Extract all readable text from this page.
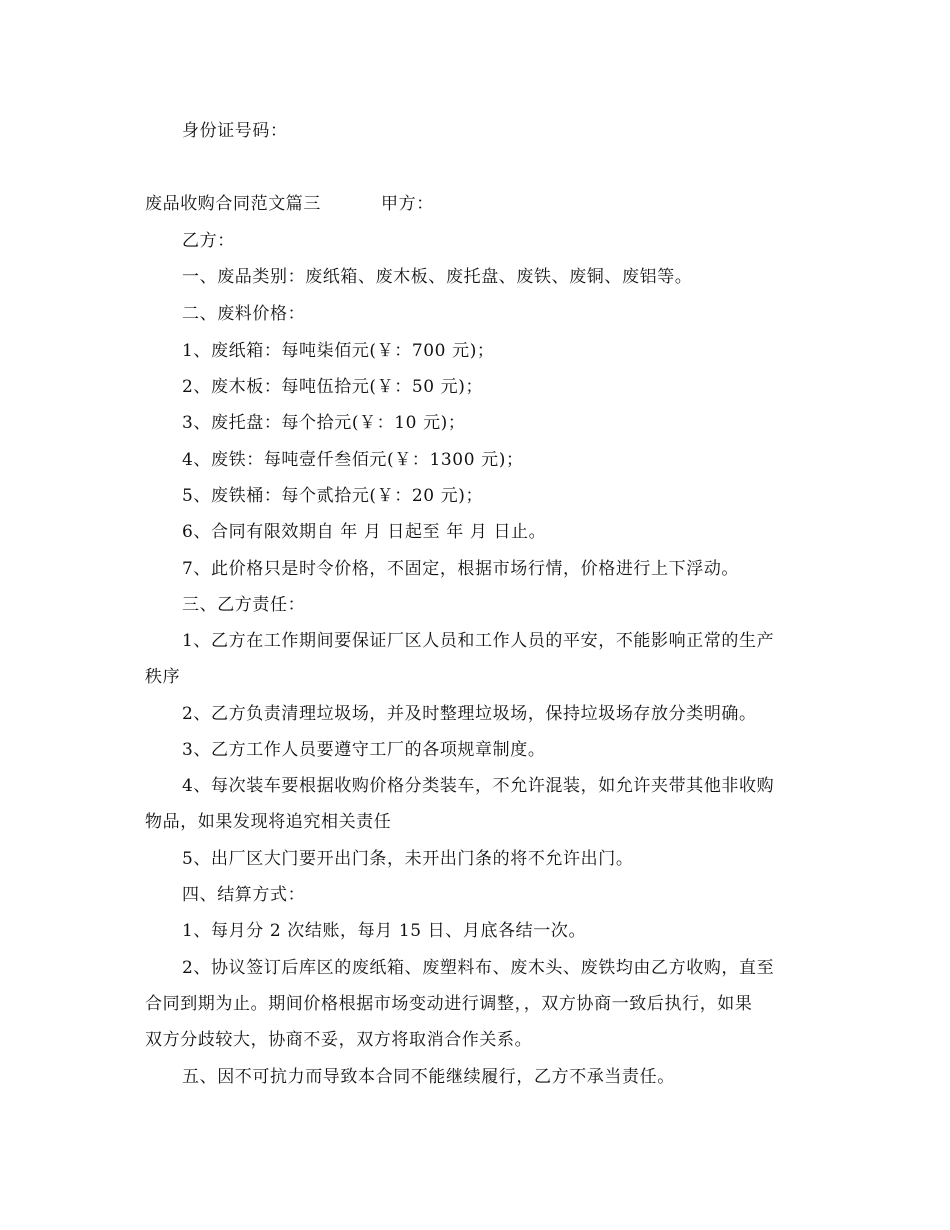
身份证号码：
废品收购合同范文篇三	甲方：
乙方：
一、废品类别：废纸箱、废木板、废托盘、废铁、废铜、废铝等。
二、废料价格：
1、废纸箱：每吨柒佰元(￥：700 元)；
2、废木板：每吨伍拾元(￥：50 元)；
3、废托盘：每个拾元(￥：10 元)；
4、废铁：每吨壹仟叁佰元(￥：1300 元)；
5、废铁桶：每个贰拾元(￥：20 元)；
6、合同有限效期自 年 月 日起至 年 月 日止。
7、此价格只是时令价格，不固定，根据市场行情，价格进行上下浮动。
三、乙方责任：
1、乙方在工作期间要保证厂区人员和工作人员的平安，不能影响正常的生产
秩序
2、乙方负责清理垃圾场，并及时整理垃圾场，保持垃圾场存放分类明确。
3、乙方工作人员要遵守工厂的各项规章制度。
4、每次装车要根据收购价格分类装车，不允许混装，如允许夹带其他非收购
物品，如果发现将追究相关责任
5、出厂区大门要开出门条，未开出门条的将不允许出门。
四、结算方式：
1、每月分 2 次结账，每月 15 日、月底各结一次。
2、协议签订后库区的废纸箱、废塑料布、废木头、废铁均由乙方收购，直至
合同到期为止。期间价格根据市场变动进行调整，，双方协商一致后执行，如果
双方分歧较大，协商不妥，双方将取消合作关系。
五、因不可抗力而导致本合同不能继续履行，乙方不承当责任。
